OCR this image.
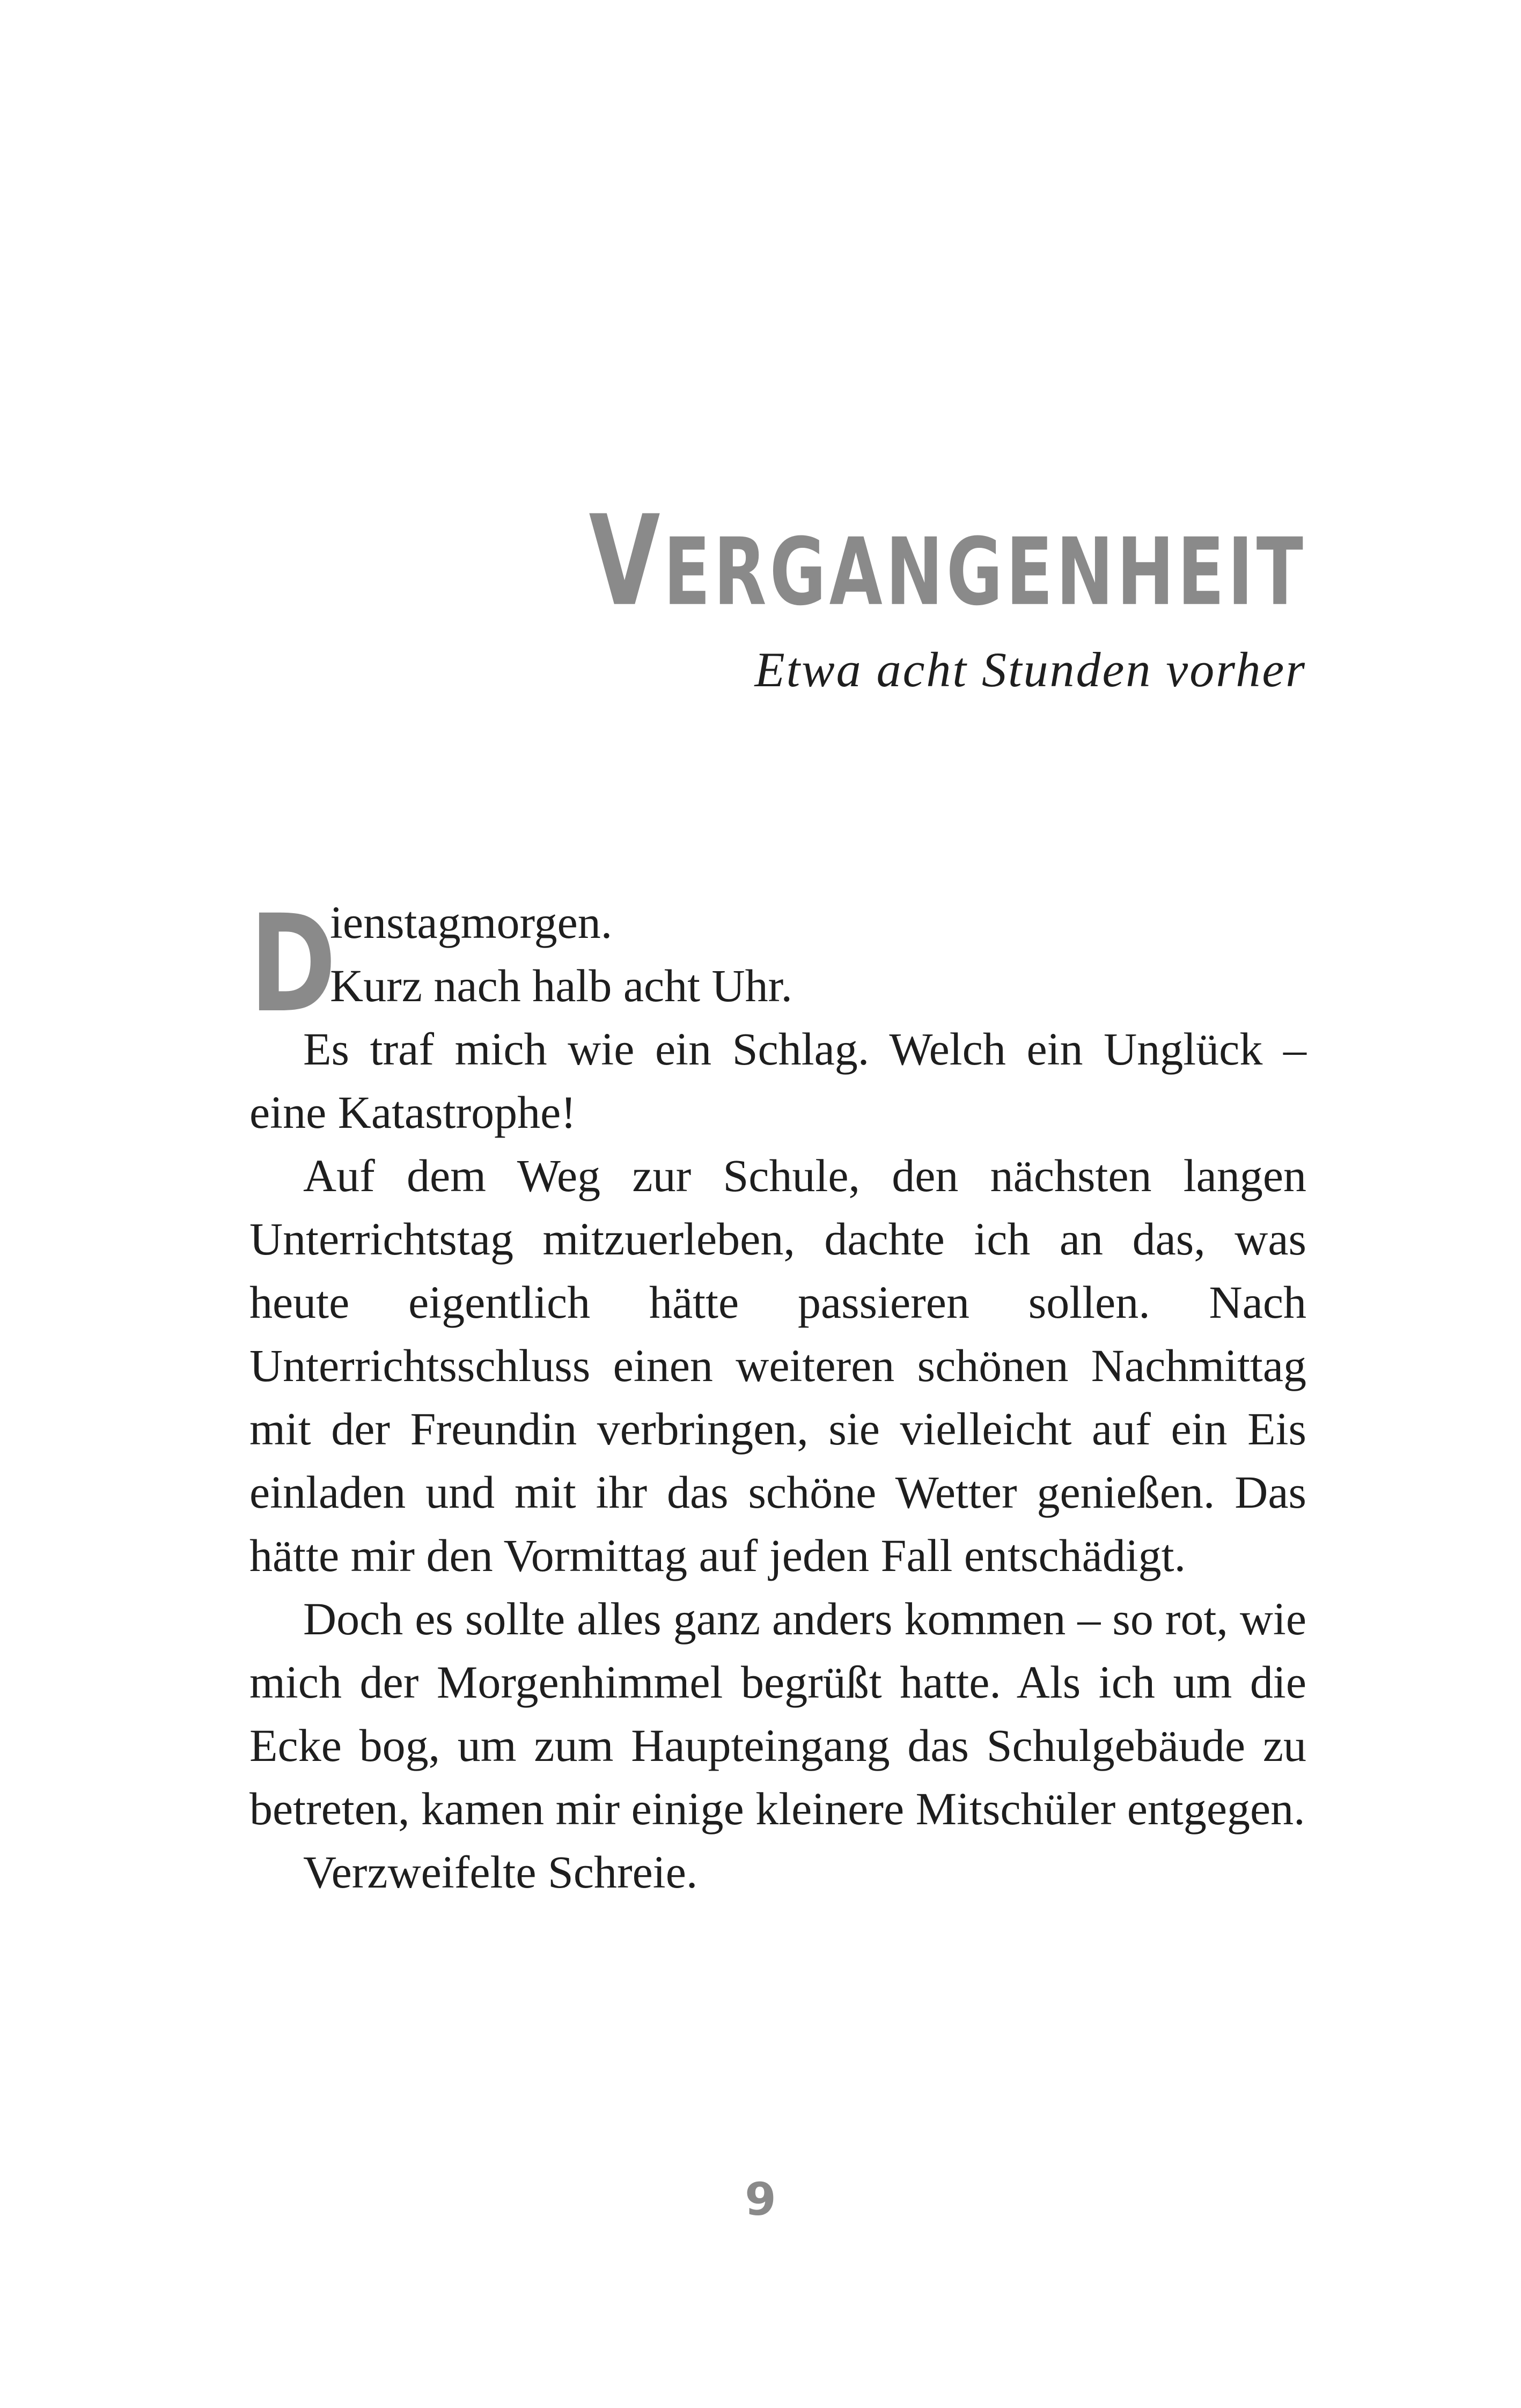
VERGANGENHEIT
Etwa acht Stunden vorher
D
ienstagmorgen.
Kurz nach halb acht Uhr.

Es traf mich wie ein Schlag. Welch ein Unglück – eine Katastrophe!

Auf dem Weg zur Schule, den nächsten langen Unterrichtstag mitzuerleben, dachte ich an das, was heute eigentlich hätte passieren sollen. Nach Unterrichtsschluss einen weiteren schönen Nachmittag mit der Freundin verbringen, sie vielleicht auf ein Eis einladen und mit ihr das schöne Wetter genießen. Das hätte mir den Vormittag auf jeden Fall entschädigt.

Doch es sollte alles ganz anders kommen – so rot, wie mich der Morgenhimmel begrüßt hatte. Als ich um die Ecke bog, um zum Haupteingang das Schulgebäude zu betreten, kamen mir einige kleinere Mitschüler entgegen.

Verzweifelte Schreie.

9
